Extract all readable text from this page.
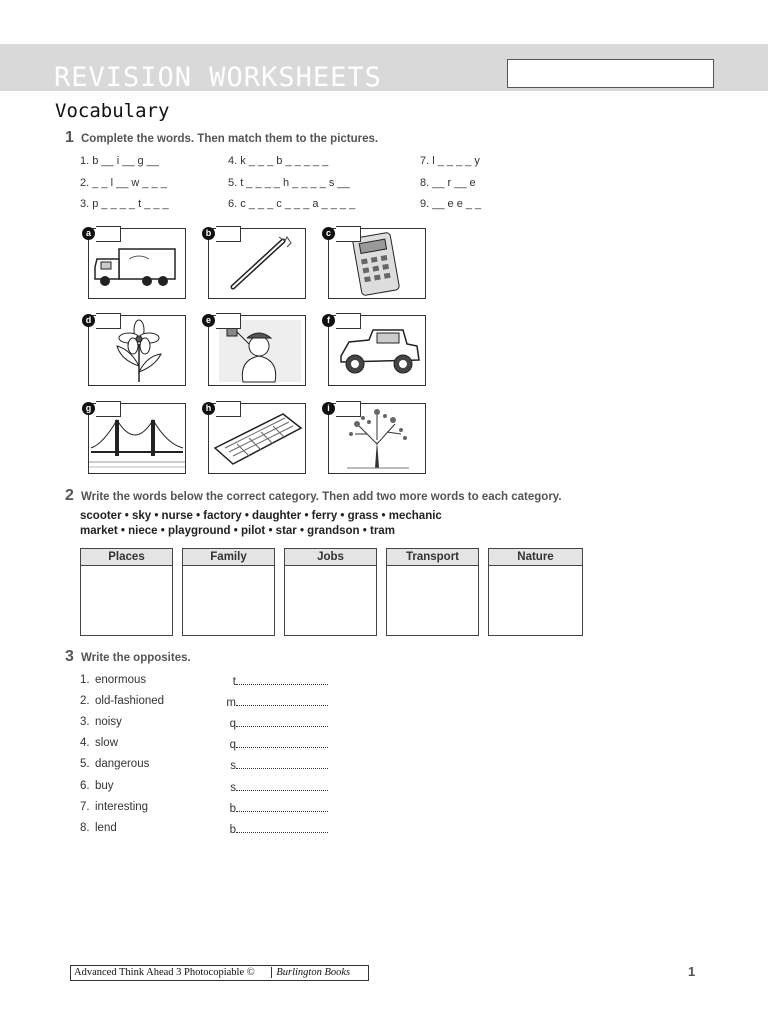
REVISION WORKSHEETS
Vocabulary
1 Complete the words. Then match them to the pictures.
1. b __ i __ g __	4. k _ _ _ b _ _ _ _ _	7. l _ _ _ _ y
2. _ _ l __ w _ _ _	5. t _ _ _ _ h _ _ _ _ s __	8. __ r __ e
3. p _ _ _ _ t _ _ _	6. c _ _ _ c _ _ _ a _ _ _ _	9. __ e e _ _
a	b	c
d	e	f
g	h	i
2 Write the words below the correct category. Then add two more words to each category.
scooter • sky • nurse • factory • daughter • ferry • grass • mechanic
market • niece • playground • pilot • star • grandson • tram
Places	Family	Jobs	Transport	Nature
3 Write the opposites.
1. enormous	t
2. old-fashioned	m
3. noisy	q
4. slow	q
5. dangerous	s
6. buy	s
7. interesting	b
8. lend	b
Advanced Think Ahead 3 Photocopiable © Burlington Books	1
